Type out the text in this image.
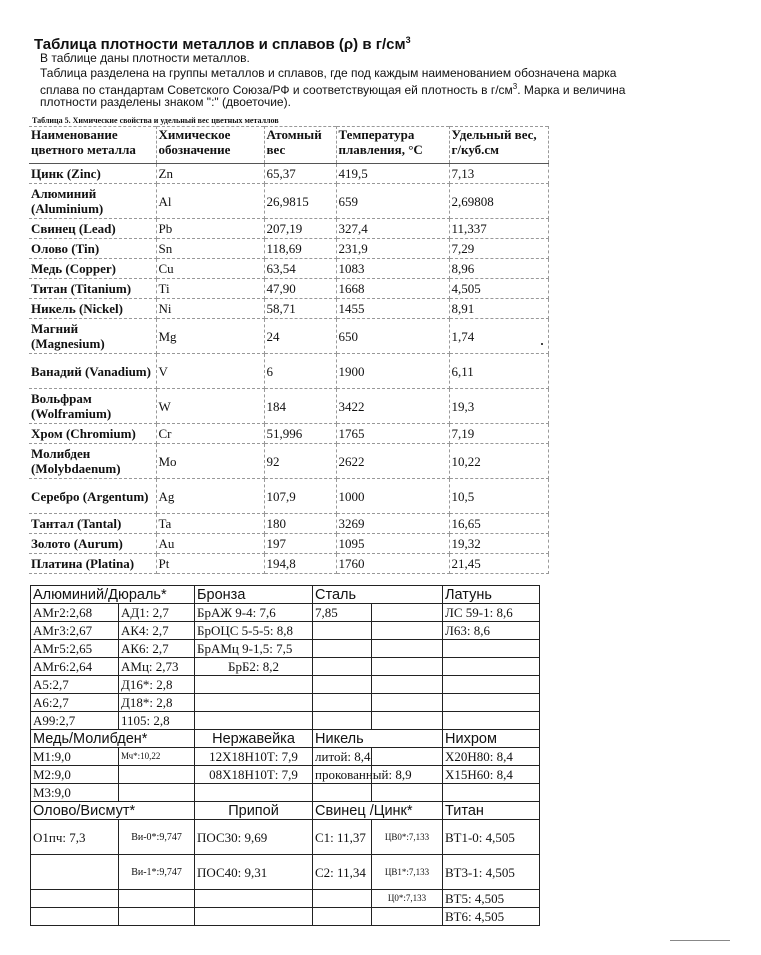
Таблица плотности металлов и сплавов (ρ) в $г/см^3$
В таблице даны плотности металлов.
Таблица разделена на группы металлов и сплавов, где под каждым наименованием обозначена марка
сплава по стандартам Советского Союза/РФ и соответствующая ей плотность в $г/см^3$. Марка и величина
плотности разделены знаком ":" (двоеточие).
Таблица 5. Химические свойства и удельный вес цветных металлов
Наименование цветного металла	Химическое обозначение	Атомный вес	Температура плавления, °С	Удельный вес, г/куб.см
Цинк (Zinc)	Zn	65,37	419,5	7,13
Алюминий (Aluminium)	Al	26,9815	659	2,69808
Свинец (Lead)	Pb	207,19	327,4	11,337
Олово (Tin)	Sn	118,69	231,9	7,29
Медь (Copper)	Cu	63,54	1083	8,96
Титан (Titanium)	Ti	47,90	1668	4,505
Никель (Nickel)	Ni	58,71	1455	8,91
Магний (Magnesium)	Mg	24	650	1,74
Ванадий (Vanadium)	V	6	1900	6,11
Вольфрам (Wolframium)	W	184	3422	19,3
Хром (Chromium)	Cr	51,996	1765	7,19
Молибден (Molybdaenum)	Mo	92	2622	10,22
Серебро (Argentum)	Ag	107,9	1000	10,5
Тантал (Tantal)	Ta	180	3269	16,65
Золото (Aurum)	Au	197	1095	19,32
Платина (Platina)	Pt	194,8	1760	21,45
Алюминий/Дюраль*		Бронза	Сталь		Латунь
АМг2:2,68	АД1: 2,7	БрАЖ 9-4: 7,6	7,85		ЛС 59-1: 8,6
АМг3:2,67	АК4: 2,7	БрОЦС 5-5-5: 8,8			Л63: 8,6
АМг5:2,65	АК6: 2,7	БрАМц 9-1,5: 7,5			
АМг6:2,64	АМц: 2,73	БрБ2: 8,2			
А5:2,7	Д16*: 2,8				
А6:2,7	Д18*: 2,8				
А99:2,7	1105: 2,8				
Медь/Молибден*		Нержавейка	Никель		Нихром
М1:9,0	Мч*:10,22	12Х18Н10Т: 7,9	литой: 8,4		Х20Н80: 8,4
М2:9,0		08Х18Н10Т: 7,9	прокованный: 8,9		Х15Н60: 8,4
М3:9,0					
Олово/Висмут*		Припой	Свинец /Цинк*		Титан
О1пч: 7,3	Ви-0*:9,747	ПОС30: 9,69	С1: 11,37	ЦВ0*:7,133	ВТ1-0: 4,505
	Ви-1*:9,747	ПОС40: 9,31	С2: 11,34	ЦВ1*:7,133	ВТ3-1: 4,505
				Ц0*:7,133	ВТ5: 4,505
					ВТ6: 4,505
